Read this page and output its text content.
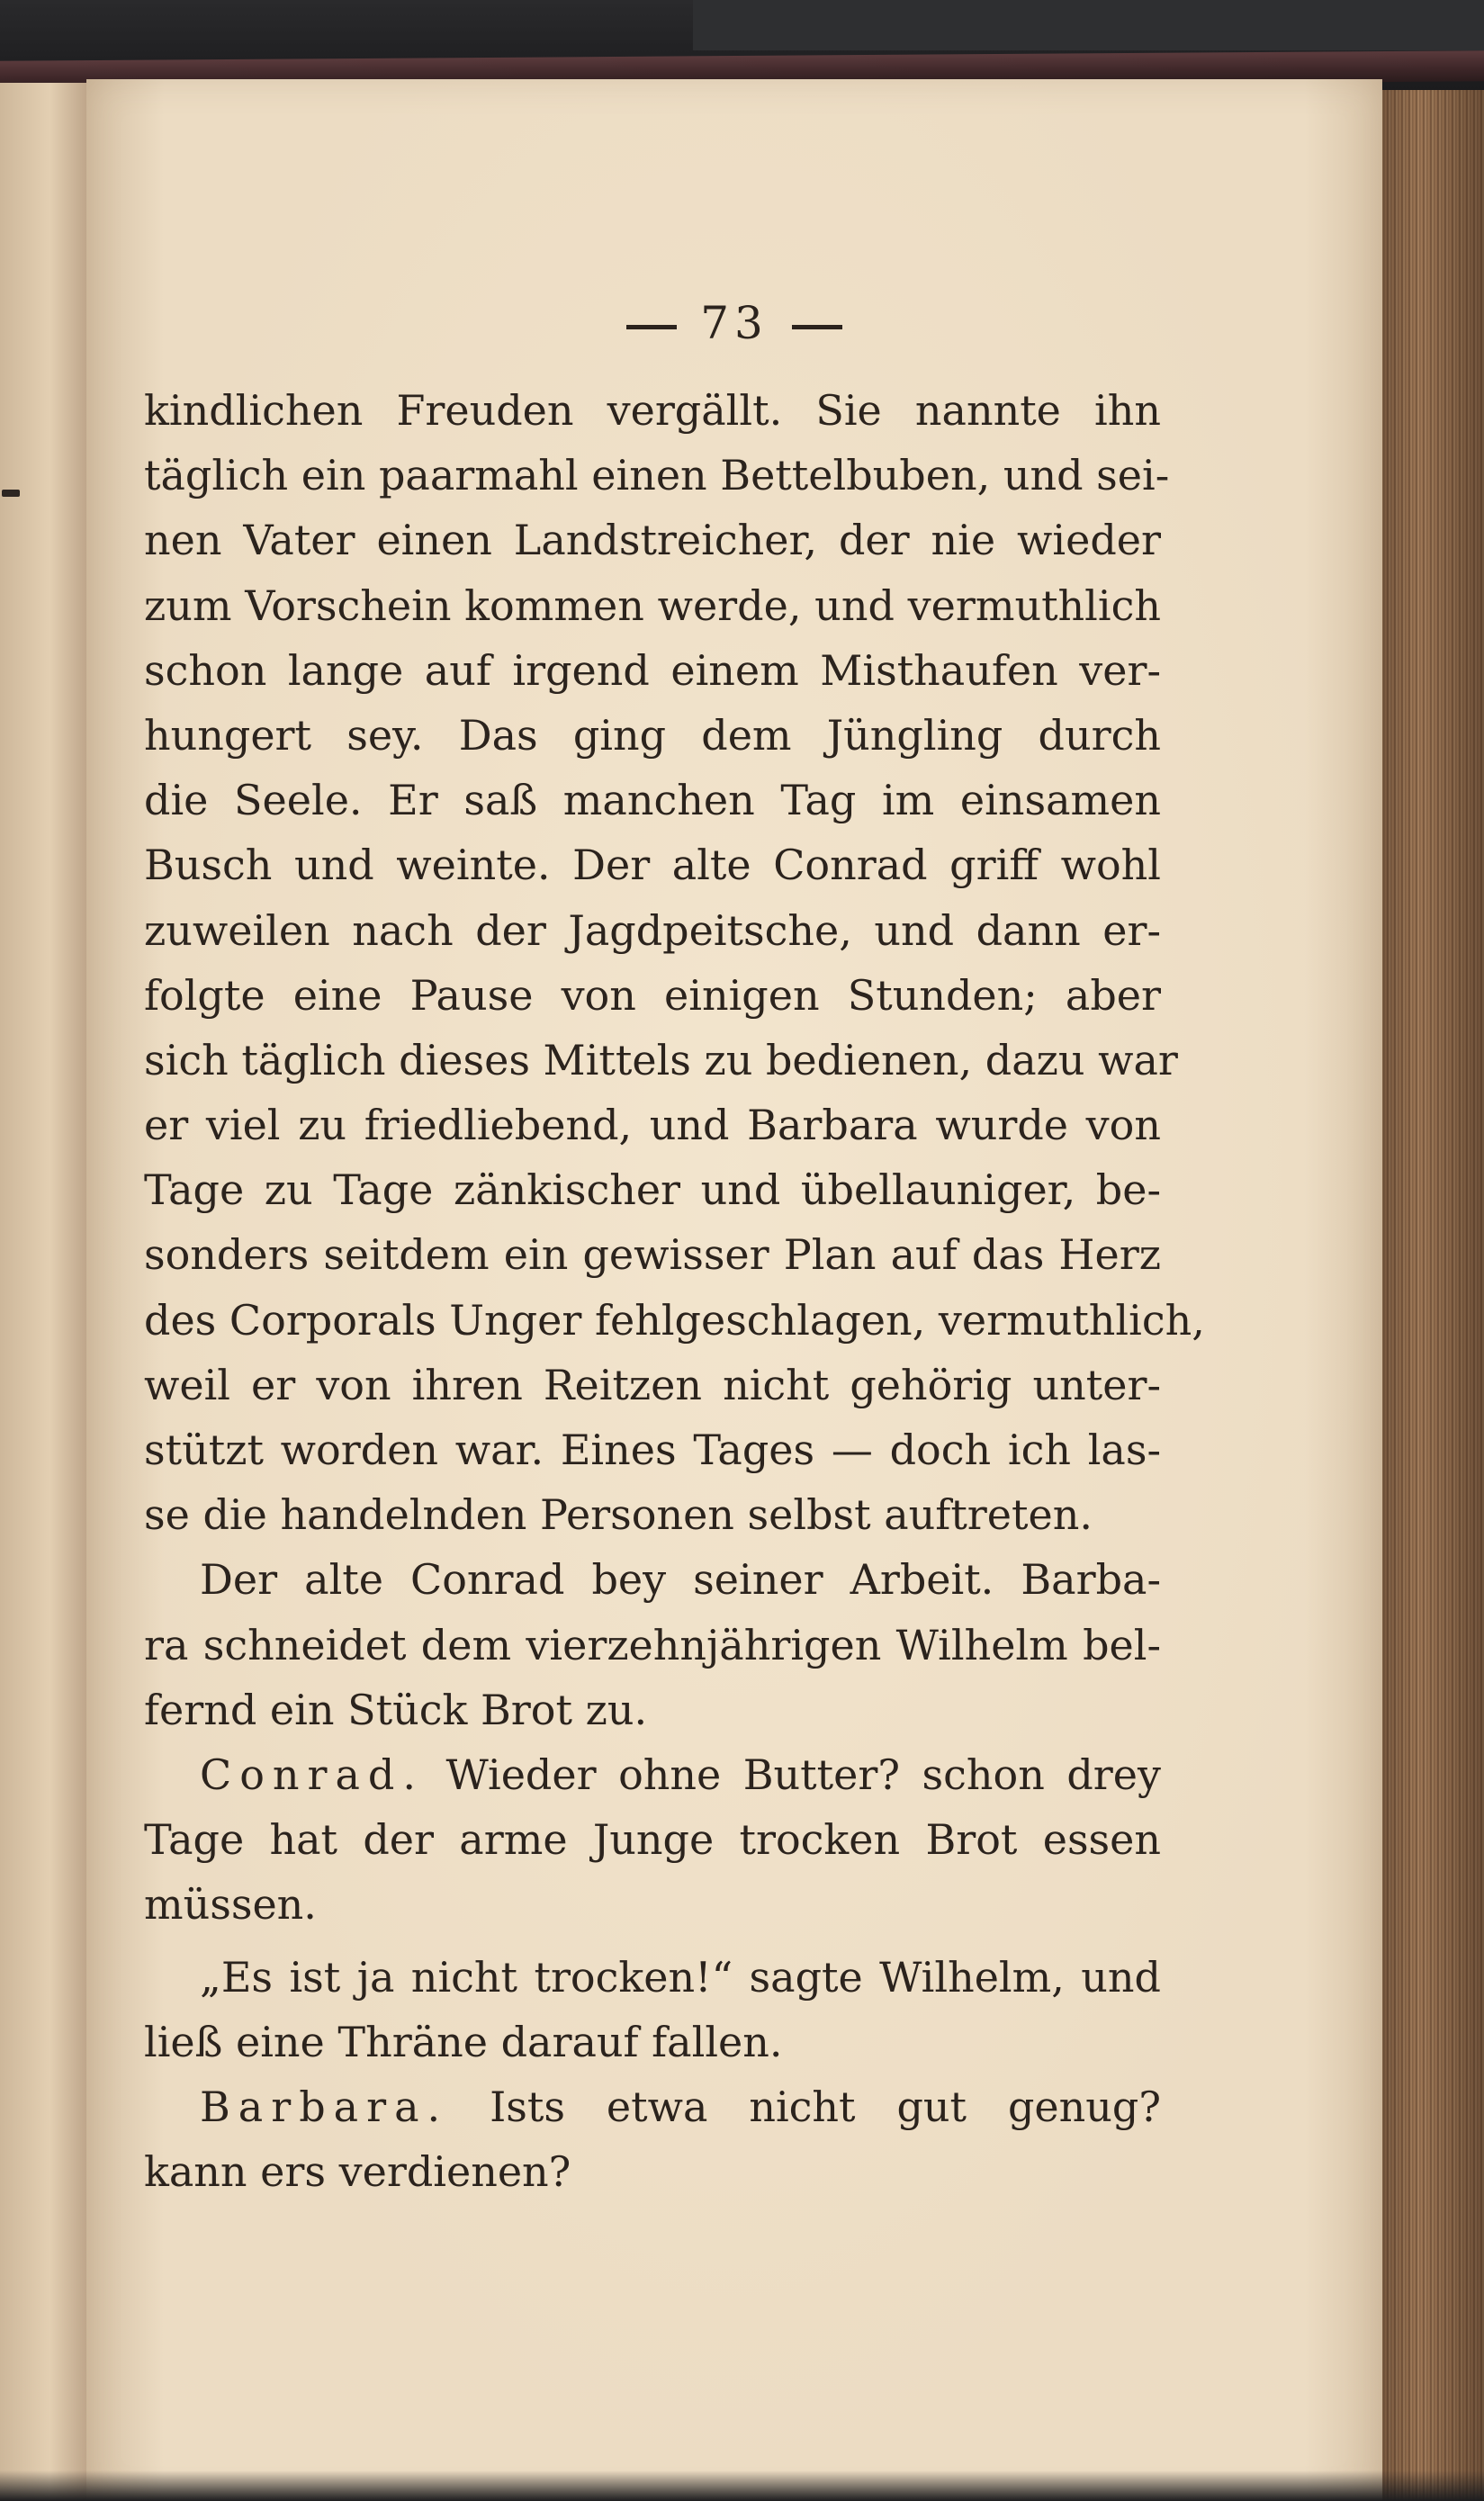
73
kindlichen Freuden vergällt. Sie nannte ihn
täglich ein paarmahl einen Bettelbuben, und sei-
nen Vater einen Landstreicher, der nie wieder
zum Vorschein kommen werde, und vermuthlich
schon lange auf irgend einem Misthaufen ver-
hungert sey. Das ging dem Jüngling durch
die Seele. Er saß manchen Tag im einsamen
Busch und weinte. Der alte Conrad griff wohl
zuweilen nach der Jagdpeitsche, und dann er-
folgte eine Pause von einigen Stunden; aber
sich täglich dieses Mittels zu bedienen, dazu war
er viel zu friedliebend, und Barbara wurde von
Tage zu Tage zänkischer und übellauniger, be-
sonders seitdem ein gewisser Plan auf das Herz
des Corporals Unger fehlgeschlagen, vermuthlich,
weil er von ihren Reitzen nicht gehörig unter-
stützt worden war. Eines Tages — doch ich las-
se die handelnden Personen selbst auftreten.
Der alte Conrad bey seiner Arbeit. Barba-
ra schneidet dem vierzehnjährigen Wilhelm bel-
fernd ein Stück Brot zu.
Conrad. Wieder ohne Butter? schon drey
Tage hat der arme Junge trocken Brot essen
müssen.
„Es ist ja nicht trocken!“ sagte Wilhelm, und
ließ eine Thräne darauf fallen.
Barbara. Ists etwa nicht gut genug?
kann ers verdienen?
